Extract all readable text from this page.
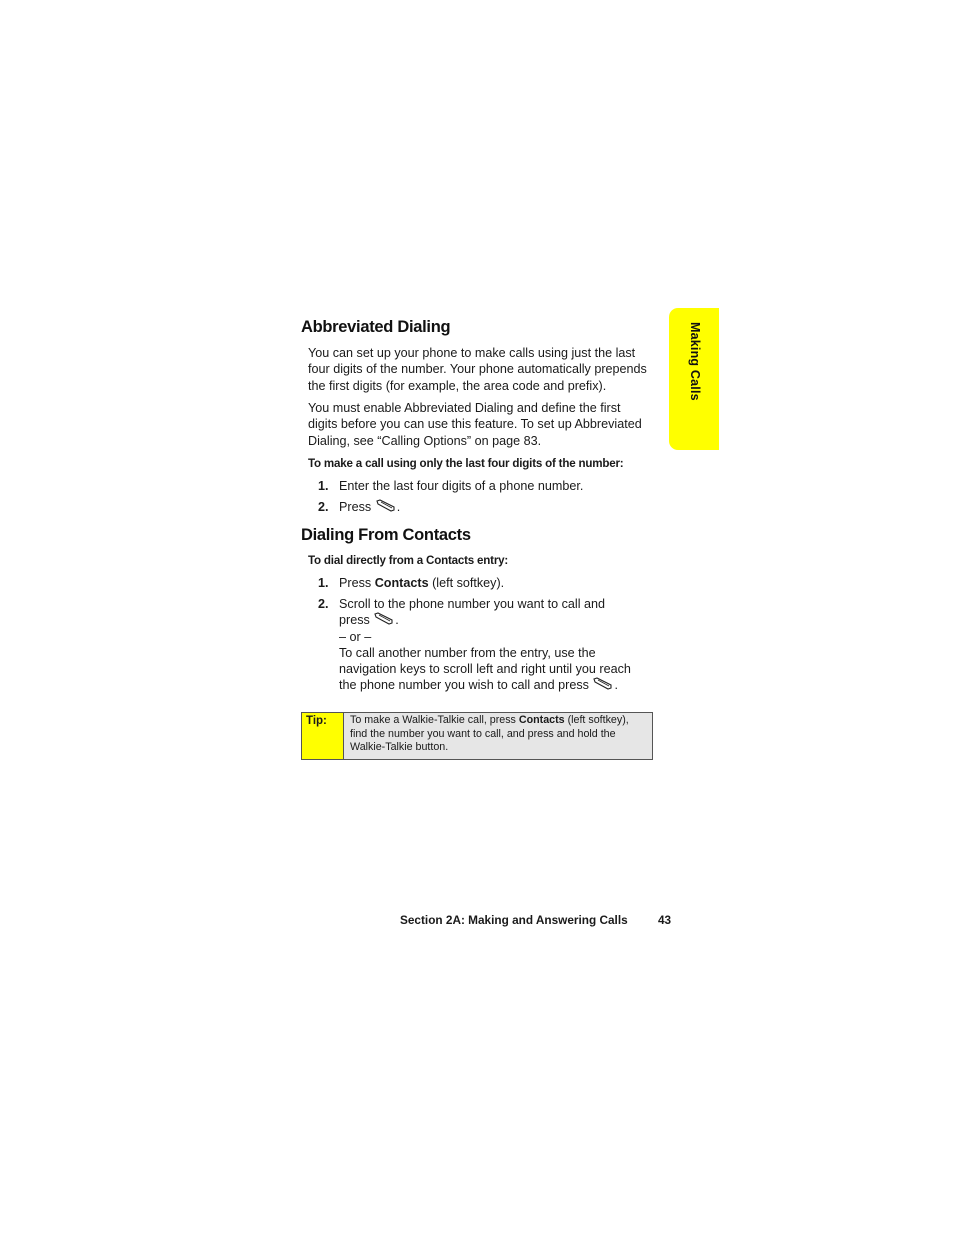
Making Calls
Abbreviated Dialing
You can set up your phone to make calls using just the last
four digits of the number. Your phone automatically prepends
the first digits (for example, the area code and prefix).
You must enable Abbreviated Dialing and define the first
digits before you can use this feature. To set up Abbreviated
Dialing, see “Calling Options” on page 83.
To make a call using only the last four digits of the number:
1. Enter the last four digits of a phone number.
2. Press .
Dialing From Contacts
To dial directly from a Contacts entry:
1. Press Contacts (left softkey).
2. Scroll to the phone number you want to call and
press .
– or –
To call another number from the entry, use the
navigation keys to scroll left and right until you reach
the phone number you wish to call and press .
Tip: To make a Walkie-Talkie call, press Contacts (left softkey),
find the number you want to call, and press and hold the
Walkie-Talkie button.
Section 2A: Making and Answering Calls	43
